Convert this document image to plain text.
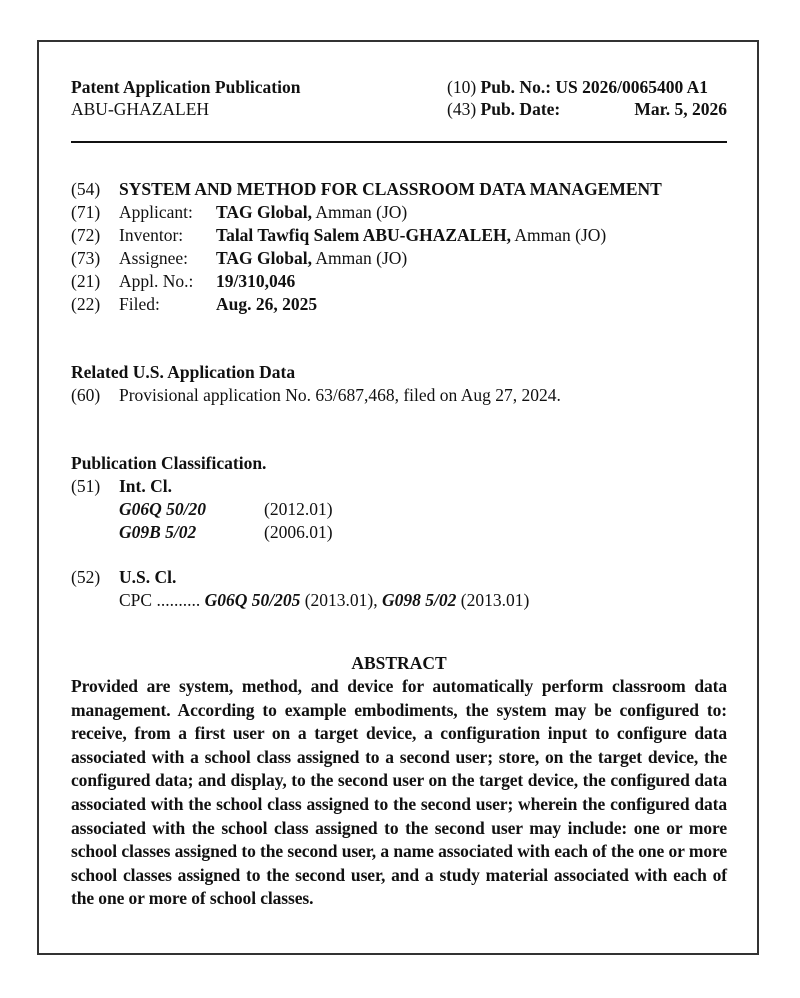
Patent Application Publication
ABU-GHAZALEH
(10) Pub. No.: US 2026/0065400 A1
(43) Pub. Date:	Mar. 5, 2026
(54) SYSTEM AND METHOD FOR CLASSROOM DATA MANAGEMENT
(71) Applicant: TAG Global, Amman (JO)
(72) Inventor: Talal Tawfiq Salem ABU-GHAZALEH, Amman (JO)
(73) Assignee: TAG Global, Amman (JO)
(21) Appl. No.: 19/310,046
(22) Filed:	Aug. 26, 2025
Related U.S. Application Data
(60) Provisional application No. 63/687,468, filed on Aug 27, 2024.
Publication Classification.
(51) Int. Cl.
G06Q 50/20	(2012.01)
G09B 5/02	(2006.01)
(52) U.S. Cl.
CPC .......... G06Q 50/205 (2013.01), G098 5/02 (2013.01)
ABSTRACT
Provided are system, method, and device for automatically perform classroom data management. According to example embodiments, the system may be configured to: receive, from a first user on a target device, a configuration input to configure data associated with a school class assigned to a second user; store, on the target device, the configured data; and display, to the second user on the target device, the configured data associated with the school class assigned to the second user; wherein the configured data associated with the school class assigned to the second user may include: one or more school classes assigned to the second user, a name associated with each of the one or more school classes assigned to the second user, and a study material associated with each of the one or more of school classes.
